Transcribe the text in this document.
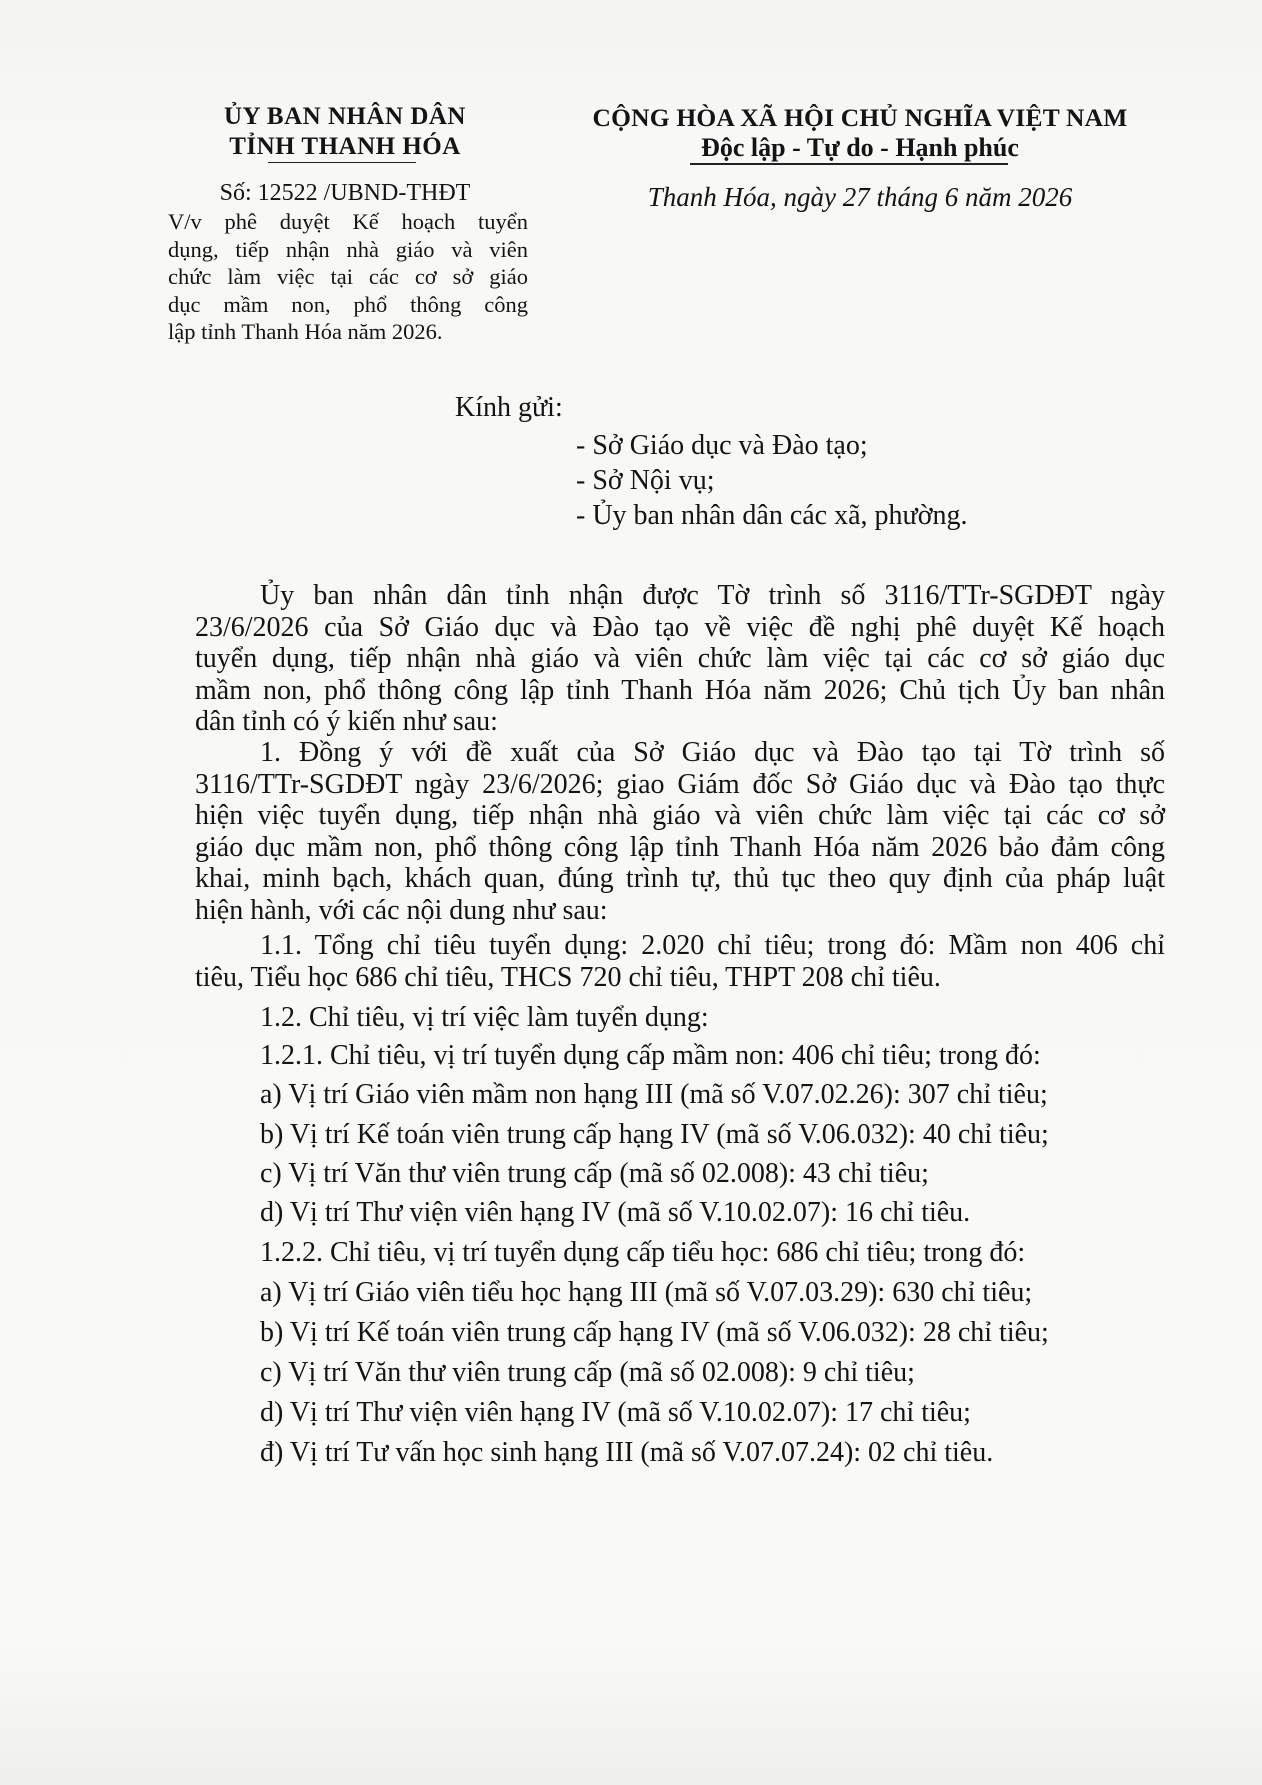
ỦY BAN NHÂN DÂN
TỈNH THANH HÓA
Số: 12522 /UBND-THĐT
V/v phê duyệt Kế hoạch tuyển
dụng, tiếp nhận nhà giáo và viên
chức làm việc tại các cơ sở giáo
dục mầm non, phổ thông công
lập tỉnh Thanh Hóa năm 2026.
CỘNG HÒA XÃ HỘI CHỦ NGHĨA VIỆT NAM
Độc lập - Tự do - Hạnh phúc
Thanh Hóa, ngày 27 tháng 6 năm 2026
Kính gửi:
- Sở Giáo dục và Đào tạo;
- Sở Nội vụ;
- Ủy ban nhân dân các xã, phường.
Ủy ban nhân dân tỉnh nhận được Tờ trình số 3116/TTr-SGDĐT ngày
23/6/2026 của Sở Giáo dục và Đào tạo về việc đề nghị phê duyệt Kế hoạch
tuyển dụng, tiếp nhận nhà giáo và viên chức làm việc tại các cơ sở giáo dục
mầm non, phổ thông công lập tỉnh Thanh Hóa năm 2026; Chủ tịch Ủy ban nhân
dân tỉnh có ý kiến như sau:
1. Đồng ý với đề xuất của Sở Giáo dục và Đào tạo tại Tờ trình số
3116/TTr-SGDĐT ngày 23/6/2026; giao Giám đốc Sở Giáo dục và Đào tạo thực
hiện việc tuyển dụng, tiếp nhận nhà giáo và viên chức làm việc tại các cơ sở
giáo dục mầm non, phổ thông công lập tỉnh Thanh Hóa năm 2026 bảo đảm công
khai, minh bạch, khách quan, đúng trình tự, thủ tục theo quy định của pháp luật
hiện hành, với các nội dung như sau:
1.1. Tổng chỉ tiêu tuyển dụng: 2.020 chỉ tiêu; trong đó: Mầm non 406 chỉ
tiêu, Tiểu học 686 chỉ tiêu, THCS 720 chỉ tiêu, THPT 208 chỉ tiêu.
1.2. Chỉ tiêu, vị trí việc làm tuyển dụng:
1.2.1. Chỉ tiêu, vị trí tuyển dụng cấp mầm non: 406 chỉ tiêu; trong đó:
a) Vị trí Giáo viên mầm non hạng III (mã số V.07.02.26): 307 chỉ tiêu;
b) Vị trí Kế toán viên trung cấp hạng IV (mã số V.06.032): 40 chỉ tiêu;
c) Vị trí Văn thư viên trung cấp (mã số 02.008): 43 chỉ tiêu;
d) Vị trí Thư viện viên hạng IV (mã số V.10.02.07): 16 chỉ tiêu.
1.2.2. Chỉ tiêu, vị trí tuyển dụng cấp tiểu học: 686 chỉ tiêu; trong đó:
a) Vị trí Giáo viên tiểu học hạng III (mã số V.07.03.29): 630 chỉ tiêu;
b) Vị trí Kế toán viên trung cấp hạng IV (mã số V.06.032): 28 chỉ tiêu;
c) Vị trí Văn thư viên trung cấp (mã số 02.008): 9 chỉ tiêu;
d) Vị trí Thư viện viên hạng IV (mã số V.10.02.07): 17 chỉ tiêu;
đ) Vị trí Tư vấn học sinh hạng III (mã số V.07.07.24): 02 chỉ tiêu.
